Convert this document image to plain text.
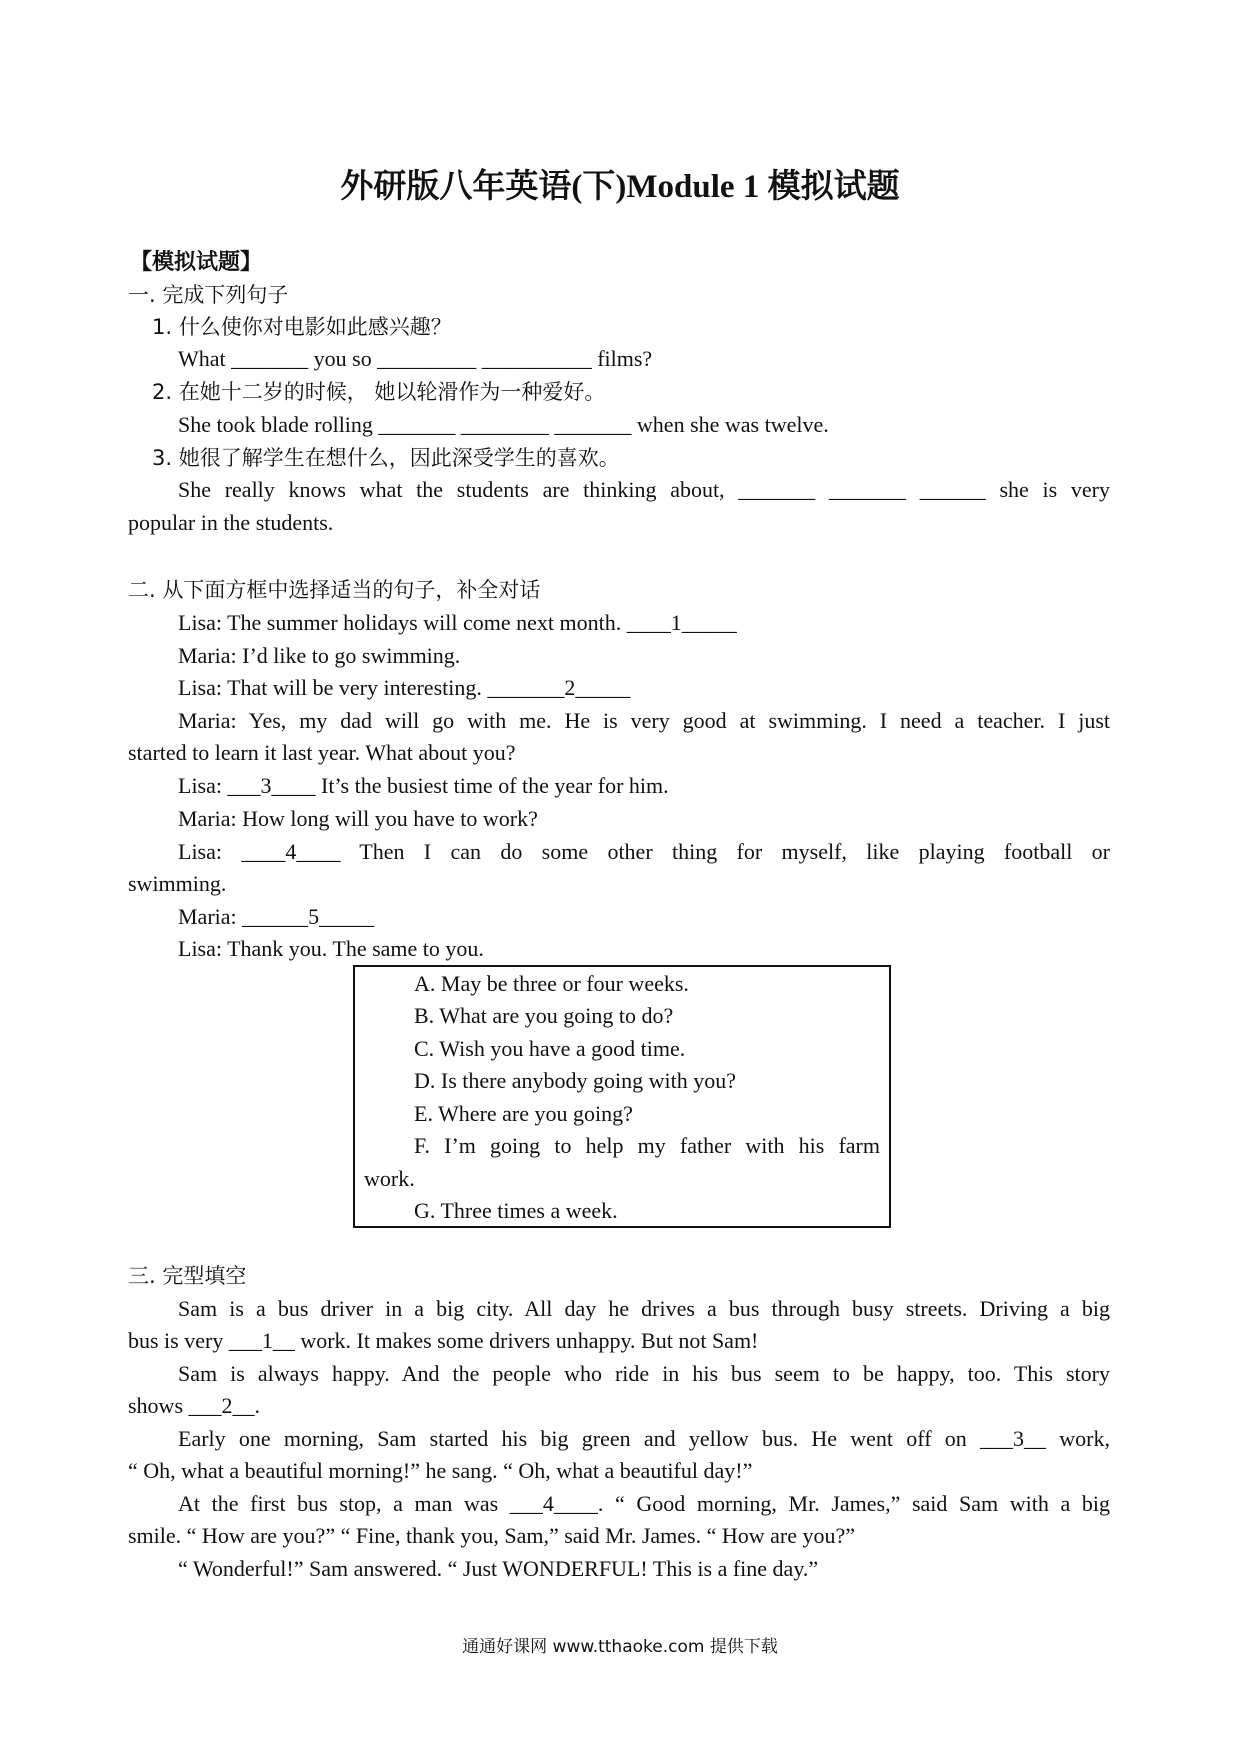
外研版八年英语(下)Module 1 模拟试题
【模拟试题】
一. 完成下列句子
1. 什么使你对电影如此感兴趣？
What _______ you so _________ __________ films?
2. 在她十二岁的时候， 她以轮滑作为一种爱好。
She took blade rolling _______ ________ _______ when she was twelve.
3. 她很了解学生在想什么，因此深受学生的喜欢。
She really knows what the students are thinking about, _______ _______ ______ she is very
popular in the students.
二. 从下面方框中选择适当的句子，补全对话
Lisa: The summer holidays will come next month. ____1_____
Maria: I’d like to go swimming.
Lisa: That will be very interesting. _______2_____
Maria: Yes, my dad will go with me. He is very good at swimming. I need a teacher. I just
started to learn it last year. What about you?
Lisa: ___3____ It’s the busiest time of the year for him.
Maria: How long will you have to work?
Lisa: ____4____ Then I can do some other thing for myself, like playing football or
swimming.
Maria: ______5_____
Lisa: Thank you. The same to you.
A. May be three or four weeks.
B. What are you going to do?
C. Wish you have a good time.
D. Is there anybody going with you?
E. Where are you going?
F. I’m going to help my father with his farm
work.
G. Three times a week.
三. 完型填空
Sam is a bus driver in a big city. All day he drives a bus through busy streets. Driving a big
bus is very ___1__ work. It makes some drivers unhappy. But not Sam!
Sam is always happy. And the people who ride in his bus seem to be happy, too. This story
shows ___2__.
Early one morning, Sam started his big green and yellow bus. He went off on ___3__ work,
“ Oh, what a beautiful morning!” he sang. “ Oh, what a beautiful day!”
At the first bus stop, a man was ___4____. “ Good morning, Mr. James,” said Sam with a big
smile. “ How are you?” “ Fine, thank you, Sam,” said Mr. James. “ How are you?”
“ Wonderful!” Sam answered. “ Just WONDERFUL! This is a fine day.”
通通好课网 www.tthaoke.com 提供下载
